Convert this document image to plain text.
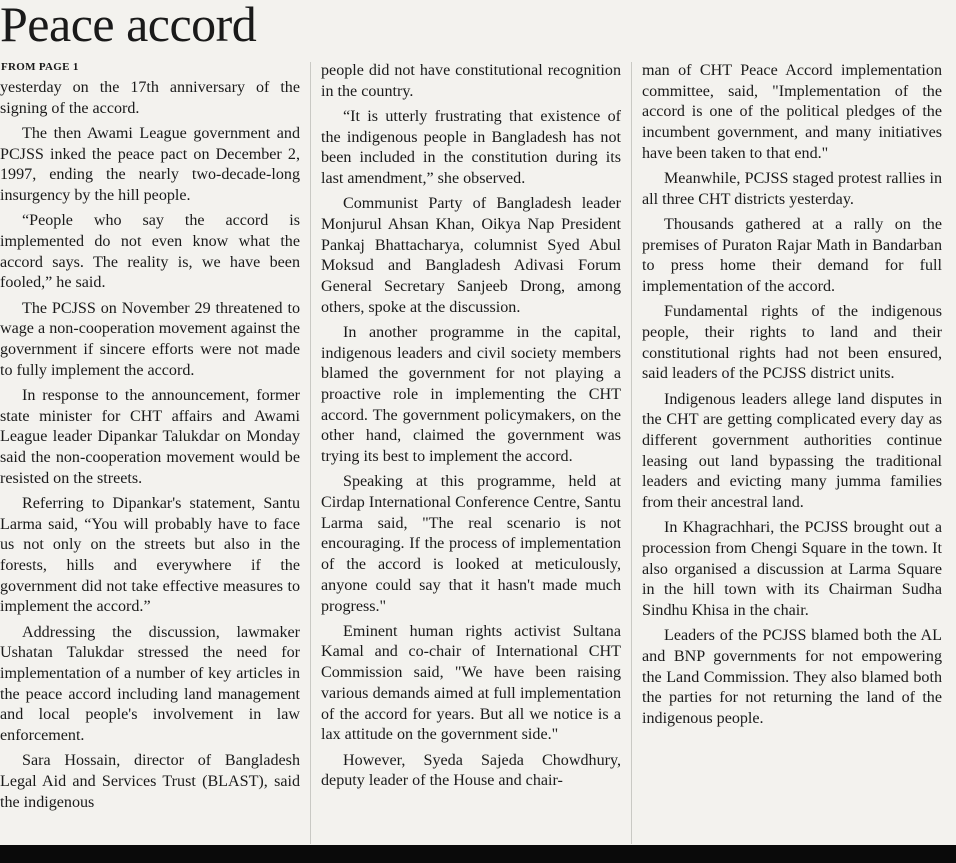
Peace accord
FROM PAGE 1

yesterday on the 17th anniversary of the signing of the accord.

The then Awami League government and PCJSS inked the peace pact on December 2, 1997, ending the nearly two-decade-long insurgency by the hill people.

“People who say the accord is implemented do not even know what the accord says. The reality is, we have been fooled,” he said.

The PCJSS on November 29 threatened to wage a non-cooperation movement against the government if sincere efforts were not made to fully implement the accord.

In response to the announcement, former state minister for CHT affairs and Awami League leader Dipankar Talukdar on Monday said the non-cooperation movement would be resisted on the streets.

Referring to Dipankar's statement, Santu Larma said, “You will probably have to face us not only on the streets but also in the forests, hills and everywhere if the government did not take effective measures to implement the accord.”

Addressing the discussion, lawmaker Ushatan Talukdar stressed the need for implementation of a number of key articles in the peace accord including land management and local people's involvement in law enforcement.

Sara Hossain, director of Bangladesh Legal Aid and Services Trust (BLAST), said the indigenous

people did not have constitutional recognition in the country.

“It is utterly frustrating that existence of the indigenous people in Bangladesh has not been included in the constitution during its last amendment,” she observed.

Communist Party of Bangladesh leader Monjurul Ahsan Khan, Oikya Nap President Pankaj Bhattacharya, columnist Syed Abul Moksud and Bangladesh Adivasi Forum General Secretary Sanjeeb Drong, among others, spoke at the discussion.

In another programme in the capital, indigenous leaders and civil society members blamed the government for not playing a proactive role in implementing the CHT accord. The government policymakers, on the other hand, claimed the government was trying its best to implement the accord.

Speaking at this programme, held at Cirdap International Conference Centre, Santu Larma said, "The real scenario is not encouraging. If the process of implementation of the accord is looked at meticulously, anyone could say that it hasn't made much progress."

Eminent human rights activist Sultana Kamal and co-chair of International CHT Commission said, "We have been raising various demands aimed at full implementation of the accord for years. But all we notice is a lax attitude on the government side."

However, Syeda Sajeda Chowdhury, deputy leader of the House and chair-

man of CHT Peace Accord implementation committee, said, "Implementation of the accord is one of the political pledges of the incumbent government, and many initiatives have been taken to that end."

Meanwhile, PCJSS staged protest rallies in all three CHT districts yesterday.

Thousands gathered at a rally on the premises of Puraton Rajar Math in Bandarban to press home their demand for full implementation of the accord.

Fundamental rights of the indigenous people, their rights to land and their constitutional rights had not been ensured, said leaders of the PCJSS district units.

Indigenous leaders allege land disputes in the CHT are getting complicated every day as different government authorities continue leasing out land bypassing the traditional leaders and evicting many jumma families from their ancestral land.

In Khagrachhari, the PCJSS brought out a procession from Chengi Square in the town. It also organised a discussion at Larma Square in the hill town with its Chairman Sudha Sindhu Khisa in the chair.

Leaders of the PCJSS blamed both the AL and BNP governments for not empowering the Land Commission. They also blamed both the parties for not returning the land of the indigenous people.
